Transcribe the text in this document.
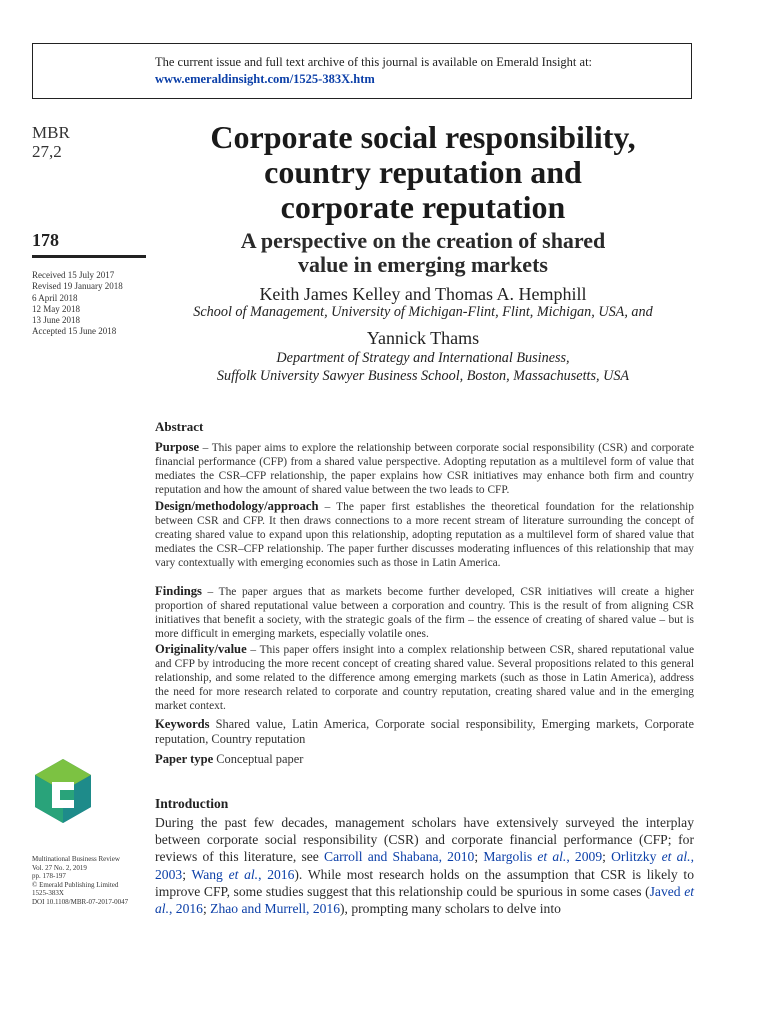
The current issue and full text archive of this journal is available on Emerald Insight at:
www.emeraldinsight.com/1525-383X.htm
MBR
27,2
178
Received 15 July 2017
Revised 19 January 2018
6 April 2018
12 May 2018
13 June 2018
Accepted 15 June 2018
Multinational Business Review
Vol. 27 No. 2, 2019
pp. 178-197
© Emerald Publishing Limited
1525-383X
DOI 10.1108/MBR-07-2017-0047
Corporate social responsibility,
country reputation and
corporate reputation
A perspective on the creation of shared
value in emerging markets
Keith James Kelley and Thomas A. Hemphill
School of Management, University of Michigan-Flint, Flint, Michigan, USA, and
Yannick Thams
Department of Strategy and International Business,
Suffolk University Sawyer Business School, Boston, Massachusetts, USA
Abstract
Purpose – This paper aims to explore the relationship between corporate social responsibility (CSR) and corporate financial performance (CFP) from a shared value perspective. Adopting reputation as a multilevel form of value that mediates the CSR–CFP relationship, the paper explains how CSR initiatives may enhance both firm and country reputation and how the amount of shared value between the two leads to CFP.
Design/methodology/approach – The paper first establishes the theoretical foundation for the relationship between CSR and CFP. It then draws connections to a more recent stream of literature surrounding the concept of creating shared value to expand upon this relationship, adopting reputation as a multilevel form of shared value that mediates the CSR–CFP relationship. The paper further discusses moderating influences of this relationship that may vary contextually with emerging economies such as those in Latin America.
Findings – The paper argues that as markets become further developed, CSR initiatives will create a higher proportion of shared reputational value between a corporation and country. This is the result of from aligning CSR initiatives that benefit a society, with the strategic goals of the firm – the essence of creating of shared value – but is more difficult in emerging markets, especially volatile ones.
Originality/value – This paper offers insight into a complex relationship between CSR, shared reputational value and CFP by introducing the more recent concept of creating shared value. Several propositions related to this general relationship, and some related to the difference among emerging markets (such as those in Latin America), address the need for more research related to corporate and country reputation, creating shared value and in the emerging market context.
Keywords Shared value, Latin America, Corporate social responsibility, Emerging markets, Corporate reputation, Country reputation
Paper type Conceptual paper
Introduction
During the past few decades, management scholars have extensively surveyed the interplay between corporate social responsibility (CSR) and corporate financial performance (CFP; for reviews of this literature, see Carroll and Shabana, 2010; Margolis et al., 2009; Orlitzky et al., 2003; Wang et al., 2016). While most research holds on the assumption that CSR is likely to improve CFP, some studies suggest that this relationship could be spurious in some cases (Javed et al., 2016; Zhao and Murrell, 2016), prompting many scholars to delve into
